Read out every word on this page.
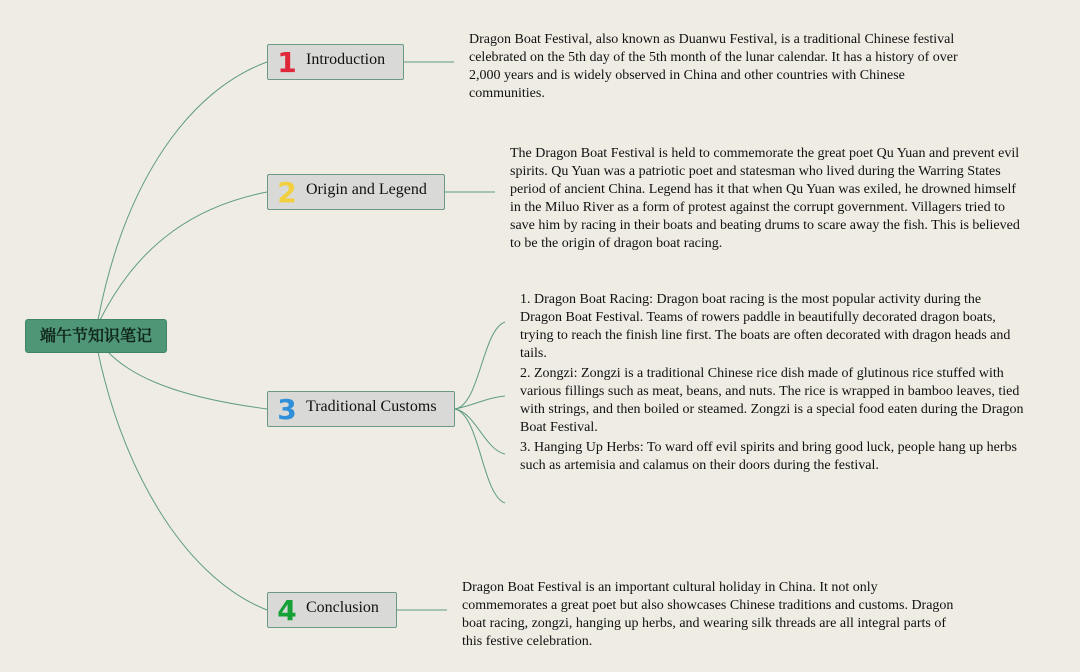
端午节知识笔记
1 Introduction
2 Origin and Legend
3 Traditional Customs
4 Conclusion
Dragon Boat Festival, also known as Duanwu Festival, is a traditional Chinese festival celebrated on the 5th day of the 5th month of the lunar calendar. It has a history of over 2,000 years and is widely observed in China and other countries with Chinese communities.
The Dragon Boat Festival is held to commemorate the great poet Qu Yuan and prevent evil spirits. Qu Yuan was a patriotic poet and statesman who lived during the Warring States period of ancient China. Legend has it that when Qu Yuan was exiled, he drowned himself in the Miluo River as a form of protest against the corrupt government. Villagers tried to save him by racing in their boats and beating drums to scare away the fish. This is believed to be the origin of dragon boat racing.
1. Dragon Boat Racing: Dragon boat racing is the most popular activity during the Dragon Boat Festival. Teams of rowers paddle in beautifully decorated dragon boats, trying to reach the finish line first. The boats are often decorated with dragon heads and tails.
2. Zongzi: Zongzi is a traditional Chinese rice dish made of glutinous rice stuffed with various fillings such as meat, beans, and nuts. The rice is wrapped in bamboo leaves, tied with strings, and then boiled or steamed. Zongzi is a special food eaten during the Dragon Boat Festival.
3. Hanging Up Herbs: To ward off evil spirits and bring good luck, people hang up herbs such as artemisia and calamus on their doors during the festival.
Dragon Boat Festival is an important cultural holiday in China. It not only commemorates a great poet but also showcases Chinese traditions and customs. Dragon boat racing, zongzi, hanging up herbs, and wearing silk threads are all integral parts of this festive celebration.
